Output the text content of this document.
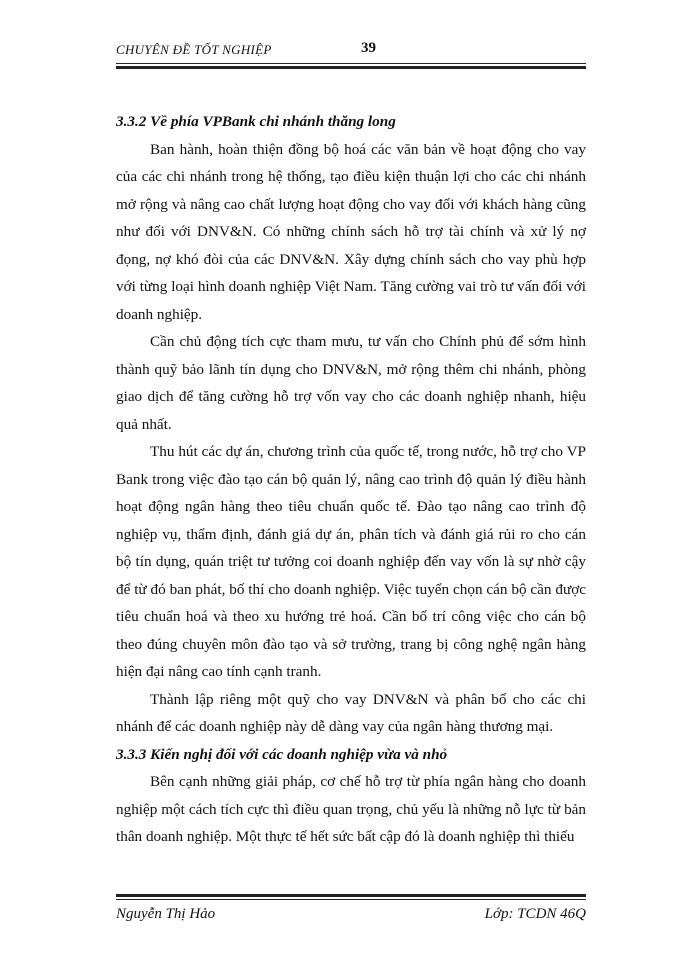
CHUYÊN ĐỀ TỐT NGHIỆP	39
3.3.2 Về phía VPBank chi nhánh thăng long

Ban hành, hoàn thiện đồng bộ hoá các văn bản về hoạt động cho vay của các chi nhánh trong hệ thống, tạo điều kiện thuận lợi cho các chi nhánh mở rộng và nâng cao chất lượng hoạt động cho vay đối với khách hàng cũng như đối với DNV&N. Có những chính sách hỗ trợ tài chính và xử lý nợ đọng, nợ khó đòi của các DNV&N. Xây dựng chính sách cho vay phù hợp với từng loại hình doanh nghiệp Việt Nam. Tăng cường vai trò tư vấn đối với doanh nghiệp.

Cần chủ động tích cực tham mưu, tư vấn cho Chính phủ để sớm hình thành quỹ bảo lãnh tín dụng cho DNV&N, mở rộng thêm chi nhánh, phòng giao dịch để tăng cường hỗ trợ vốn vay cho các doanh nghiệp nhanh, hiệu quả nhất.

Thu hút các dự án, chương trình của quốc tế, trong nước, hỗ trợ cho VP Bank trong việc đào tạo cán bộ quản lý, nâng cao trình độ quản lý điều hành hoạt động ngân hàng theo tiêu chuẩn quốc tế. Đào tạo nâng cao trình độ nghiệp vụ, thẩm định, đánh giá dự án, phân tích và đánh giá rủi ro cho cán bộ tín dụng, quán triệt tư tưởng coi doanh nghiệp đến vay vốn là sự nhờ cậy để từ đó ban phát, bố thí cho doanh nghiệp. Việc tuyển chọn cán bộ cần được tiêu chuẩn hoá và theo xu hướng trẻ hoá. Cần bố trí công việc cho cán bộ theo đúng chuyên môn đào tạo và sở trường, trang bị công nghệ ngân hàng hiện đại nâng cao tính cạnh tranh.

Thành lập riêng một quỹ cho vay DNV&N và phân bổ cho các chi nhánh để các doanh nghiệp này dễ dàng vay của ngân hàng thương mại.

3.3.3 Kiến nghị đối với các doanh nghiệp vừa và nhỏ

Bên cạnh những giải pháp, cơ chế hỗ trợ từ phía ngân hàng cho doanh nghiệp một cách tích cực thì điều quan trọng, chủ yếu là những nỗ lực từ bản thân doanh nghiệp. Một thực tế hết sức bất cập đó là doanh nghiệp thì thiếu

Nguyễn Thị Hảo	Lớp: TCDN 46Q
